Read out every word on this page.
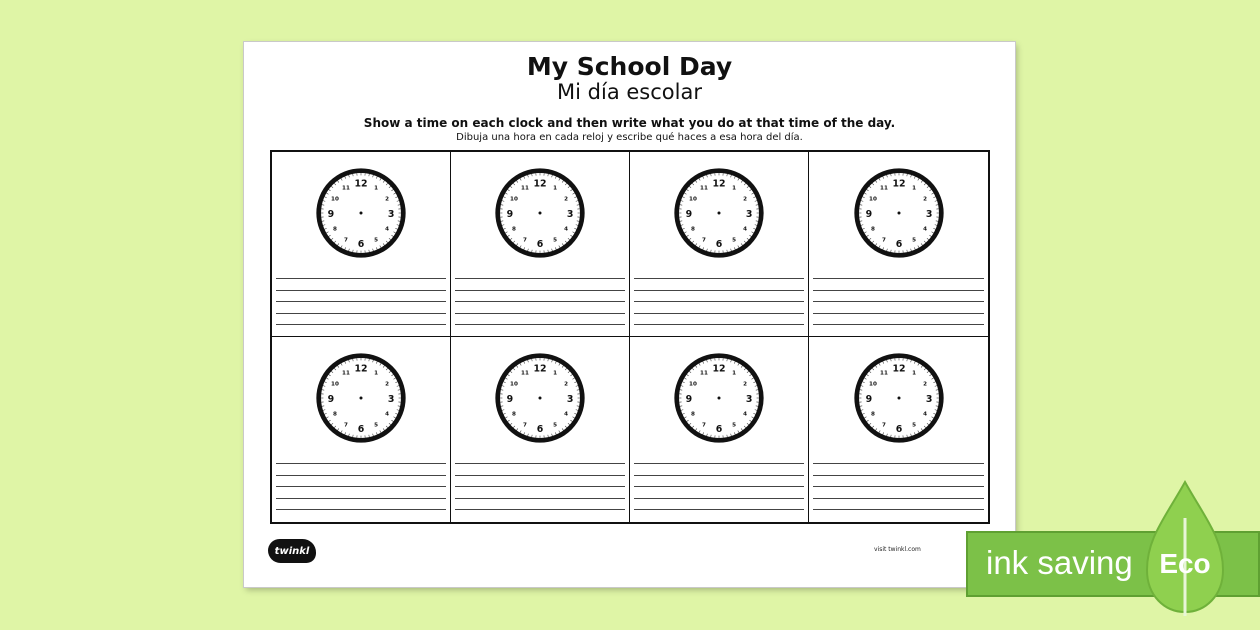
My School Day
Mi día escolar
Show a time on each clock and then write what you do at that time of the day.
Dibuja una hora en cada reloj y escribe qué haces a esa hora del día.
12 1
2
3
4
5
6
7
8
9
10
11	12 1
2
3
4
5
6
7
8
9
10
11	12 1
2
3
4
5
6
7
8
9
10
11	12 1
2
3
4
5
6
7
8
9
10
11
12 1
2
3
4
5
6
7
8
9
10
11	12 1
2
3
4
5
6
7
8
9
10
11	12 1
2
3
4
5
6
7
8
9
10
11	12 1
2
3
4
5
6
7
8
9
10
11
twinkl	visit twinkl.com ink saving Eco
